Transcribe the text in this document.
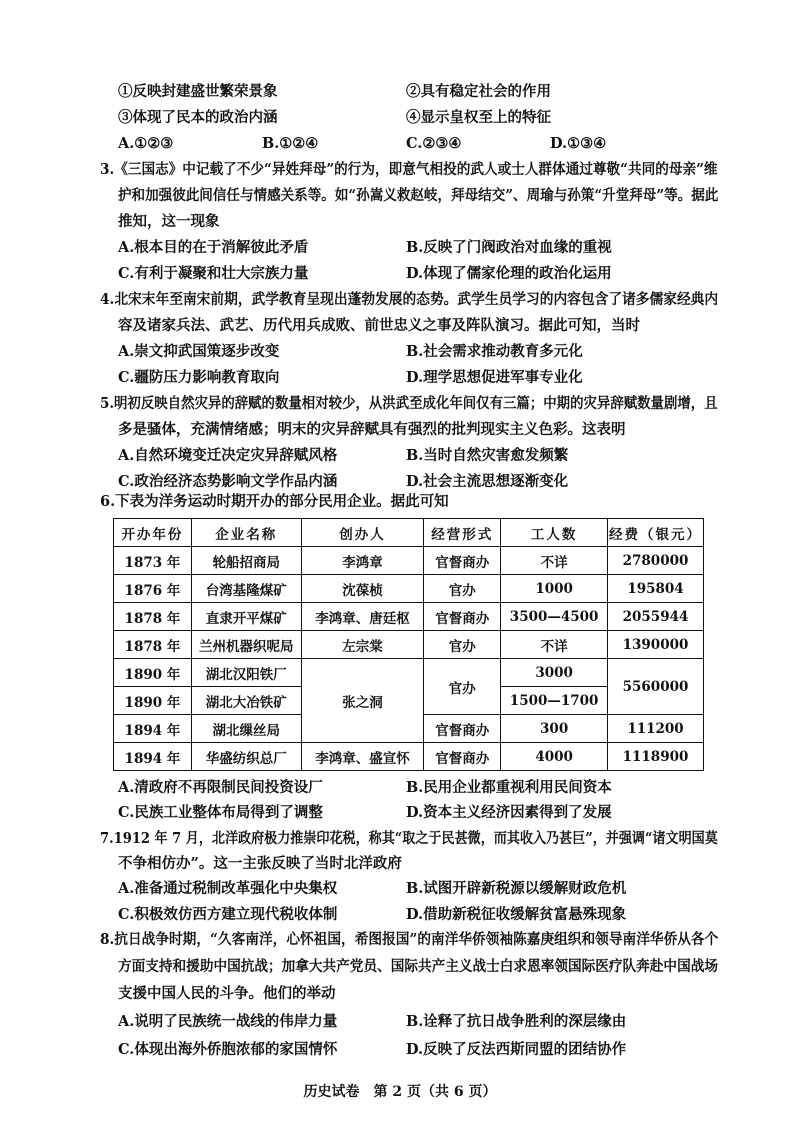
①反映封建盛世繁荣景象	②具有稳定社会的作用
③体现了民本的政治内涵	④显示皇权至上的特征
A.①②③	B.①②④	C.②③④	D.①③④
3.《三国志》中记载了不少“异姓拜母”的行为，即意气相投的武人或士人群体通过尊敬“共同的母亲”维
护和加强彼此间信任与情感关系等。如“孙嵩义救赵岐，拜母结交”、周瑜与孙策“升堂拜母”等。据此
推知，这一现象
A.根本目的在于消解彼此矛盾	B.反映了门阀政治对血缘的重视
C.有利于凝聚和壮大宗族力量	D.体现了儒家伦理的政治化运用
4.北宋末年至南宋前期，武学教育呈现出蓬勃发展的态势。武学生员学习的内容包含了诸多儒家经典内
容及诸家兵法、武艺、历代用兵成败、前世忠义之事及阵队演习。据此可知，当时
A.崇文抑武国策逐步改变	B.社会需求推动教育多元化
C.疆防压力影响教育取向	D.理学思想促进军事专业化
5.明初反映自然灾异的辞赋的数量相对较少，从洪武至成化年间仅有三篇；中期的灾异辞赋数量剧增，且
多是骚体，充满情绪感；明末的灾异辞赋具有强烈的批判现实主义色彩。这表明
A.自然环境变迁决定灾异辞赋风格	B.当时自然灾害愈发频繁
C.政治经济态势影响文学作品内涵	D.社会主流思想逐渐变化
6.下表为洋务运动时期开办的部分民用企业。据此可知
开办年份	企业名称	创办人	经营形式	工人数	经费（银元）
1873 年	轮船招商局	李鸿章	官督商办	不详	2780000
1876 年	台湾基隆煤矿	沈葆桢	官办	1000	195804
1878 年	直隶开平煤矿	李鸿章、唐廷枢	官督商办	3500—4500	2055944
1878 年	兰州机器织呢局	左宗棠	官办	不详	1390000
1890 年	湖北汉阳铁厂	张之洞	官办	3000	5560000
1890 年	湖北大冶铁矿			1500—1700	
1894 年	湖北缫丝局		官督商办	300	111200
1894 年	华盛纺织总厂	李鸿章、盛宣怀	官督商办	4000	1118900
A.清政府不再限制民间投资设厂	B.民用企业都重视利用民间资本
C.民族工业整体布局得到了调整	D.资本主义经济因素得到了发展
7.1912 年 7 月，北洋政府极力推崇印花税，称其“取之于民甚微，而其收入乃甚巨”，并强调“诸文明国莫
不争相仿办”。这一主张反映了当时北洋政府
A.准备通过税制改革强化中央集权	B.试图开辟新税源以缓解财政危机
C.积极效仿西方建立现代税收体制	D.借助新税征收缓解贫富悬殊现象
8.抗日战争时期，“久客南洋，心怀祖国，希图报国”的南洋华侨领袖陈嘉庚组织和领导南洋华侨从各个
方面支持和援助中国抗战；加拿大共产党员、国际共产主义战士白求恩率领国际医疗队奔赴中国战场
支援中国人民的斗争。他们的举动
A.说明了民族统一战线的伟岸力量	B.诠释了抗日战争胜利的深层缘由
C.体现出海外侨胞浓郁的家国情怀	D.反映了反法西斯同盟的团结协作
历史试卷　第 2 页（共 6 页）
